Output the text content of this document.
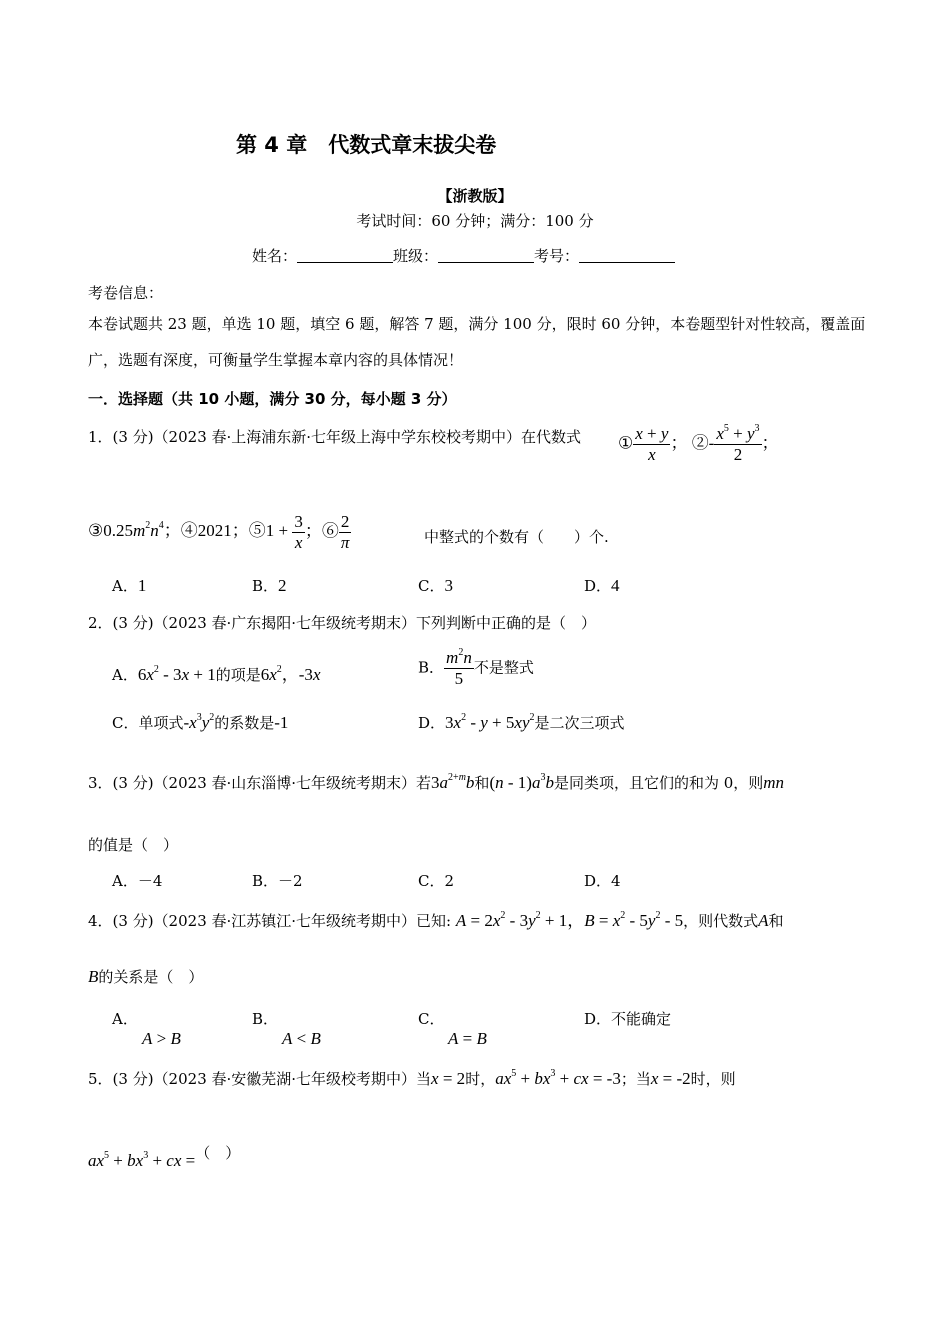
第 4 章　代数式章末拔尖卷
【浙教版】
考试时间：60 分钟；满分：100 分
姓名：	班级：	考号：
考卷信息：
本卷试题共 23 题，单选 10 题，填空 6 题，解答 7 题，满分 100 分，限时 60 分钟，本卷题型针对性较高，覆盖面广，选题有深度，可衡量学生掌握本章内容的具体情况！
一．选择题（共 10 小题，满分 30 分，每小题 3 分）
1．(3 分)（2023 春·上海浦东新·七年级上海中学东校校考期中）在代数式 ① $\frac{x + y}{x}$ ； ②- $\frac{x^5 + y^3}{2}$ ；
$③0.25m^2n^4$；④2021；⑤1 + $\frac{3}{x}$ ；⑥ $\frac{2}{\pi}$	中整式的个数有（　　）个.
A．1	B．2	C．3	D．4
2．(3 分)（2023 春·广东揭阳·七年级统考期末）下列判断中正确的是（　）
A．$6x^2 - 3x + 1$的项是$6x^2$，-3x	B． $\frac{m^2n}{5}$ 不是整式
C．单项式$-x^3y^2$的系数是-1	D．$3x^2 - y + 5xy^2$是二次三项式
3．(3 分)（2023 春·山东淄博·七年级统考期末）若$3a^{2+m}b$和$(n - 1)a^3b$是同类项，且它们的和为 0，则mn
的值是（　）
A．－4	B．－2	C．2	D．4
4．(3 分)（2023 春·江苏镇江·七年级统考期中）已知: $A = 2x^2 - 3y^2 + 1$，$B = x^2 - 5y^2 - 5$，则代数式A和
B的关系是（　）
A．
A > B
B．
A < B
C．
A = B
D．不能确定
5．(3 分)（2023 春·安徽芜湖·七年级校考期中）当x = 2时，$ax^5 + bx^3$ + cx = -3；当x = -2时，则
$ax^5 + bx^3$ + cx =（　）
